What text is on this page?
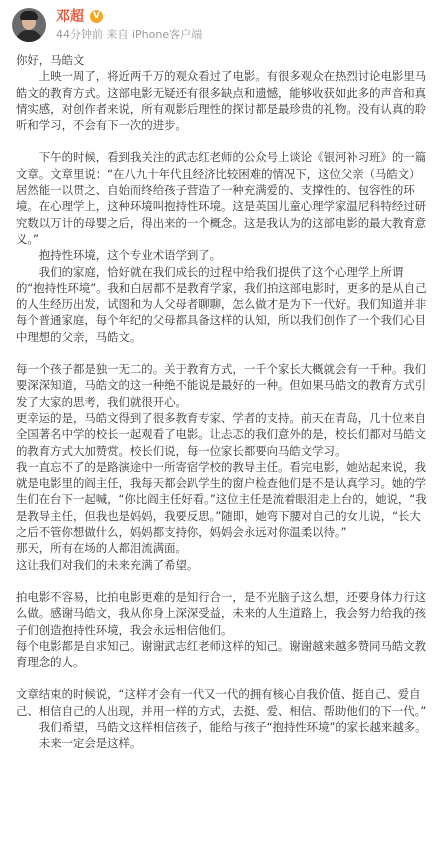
邓超	V
44分钟前 来自 iPhone客户端

你好，马皓文

上映一周了，将近两千万的观众看过了电影。有很多观众在热烈讨论电影里马皓文的教育方式。这部电影无疑还有很多缺点和遗憾，能够收获如此多的声音和真情实感，对创作者来说，所有观影后理性的探讨都是最珍贵的礼物。没有认真的聆听和学习，不会有下一次的进步。

下午的时候，看到我关注的武志红老师的公众号上谈论《银河补习班》的一篇文章。文章里说：“在八九十年代且经济比较困难的情况下，这位父亲（马皓文）居然能一以贯之、自始而终给孩子营造了一种充满爱的、支撑性的、包容性的环境。在心理学上，这种环境叫抱持性环境。这是英国儿童心理学家温尼科特经过研究数以万计的母婴之后，得出来的一个概念。这是我认为的这部电影的最大教育意义。”

抱持性环境，这个专业术语学到了。

我们的家庭，恰好就在我们成长的过程中给我们提供了这个心理学上所谓的“抱持性环境”。我和白居都不是教育学家，我们拍这部电影时，更多的是从自己的人生经历出发，试图和为人父母者聊聊，怎么做才是为下一代好。我们知道并非每个普通家庭，每个年纪的父母都具备这样的认知，所以我们创作了一个我们心目中理想的父亲，马皓文。

每一个孩子都是独一无二的。关于教育方式，一千个家长大概就会有一千种。我们要深深知道，马皓文的这一种绝不能说是最好的一种。但如果马皓文的教育方式引发了大家的思考，我们就很开心。

更幸运的是，马皓文得到了很多教育专家、学者的支持。前天在青岛，几十位来自全国著名中学的校长一起观看了电影。让忐忑的我们意外的是，校长们都对马皓文的教育方式大加赞赏。校长们说，每一位家长都要向马皓文学习。

我一直忘不了的是路演途中一所寄宿学校的教导主任。看完电影，她站起来说，我就是电影里的阎主任，我每天都会趴学生的窗户检查他们是不是认真学习。她的学生们在台下一起喊，“你比阎主任好看。”这位主任是流着眼泪走上台的，她说，“我是教导主任，但我也是妈妈，我要反思。”随即，她弯下腰对自己的女儿说，“长大之后不管你想做什么，妈妈都支持你，妈妈会永远对你温柔以待。”

那天，所有在场的人都泪流满面。

这让我们对我们的未来充满了希望。

拍电影不容易，比拍电影更难的是知行合一，是不光脑子这么想，还要身体力行这么做。感谢马皓文，我从你身上深深受益，未来的人生道路上，我会努力给我的孩子们创造抱持性环境，我会永远相信他们。

每个电影都是自求知己。谢谢武志红老师这样的知己。谢谢越来越多赞同马皓文教育理念的人。

文章结束的时候说，“这样才会有一代又一代的拥有核心自我价值、挺自己、爱自己、相信自己的人出现，并用一样的方式，去挺、爱、相信、帮助他们的下一代。”

我们希望，马皓文这样相信孩子，能给与孩子“抱持性环境”的家长越来越多。

未来一定会是这样。
